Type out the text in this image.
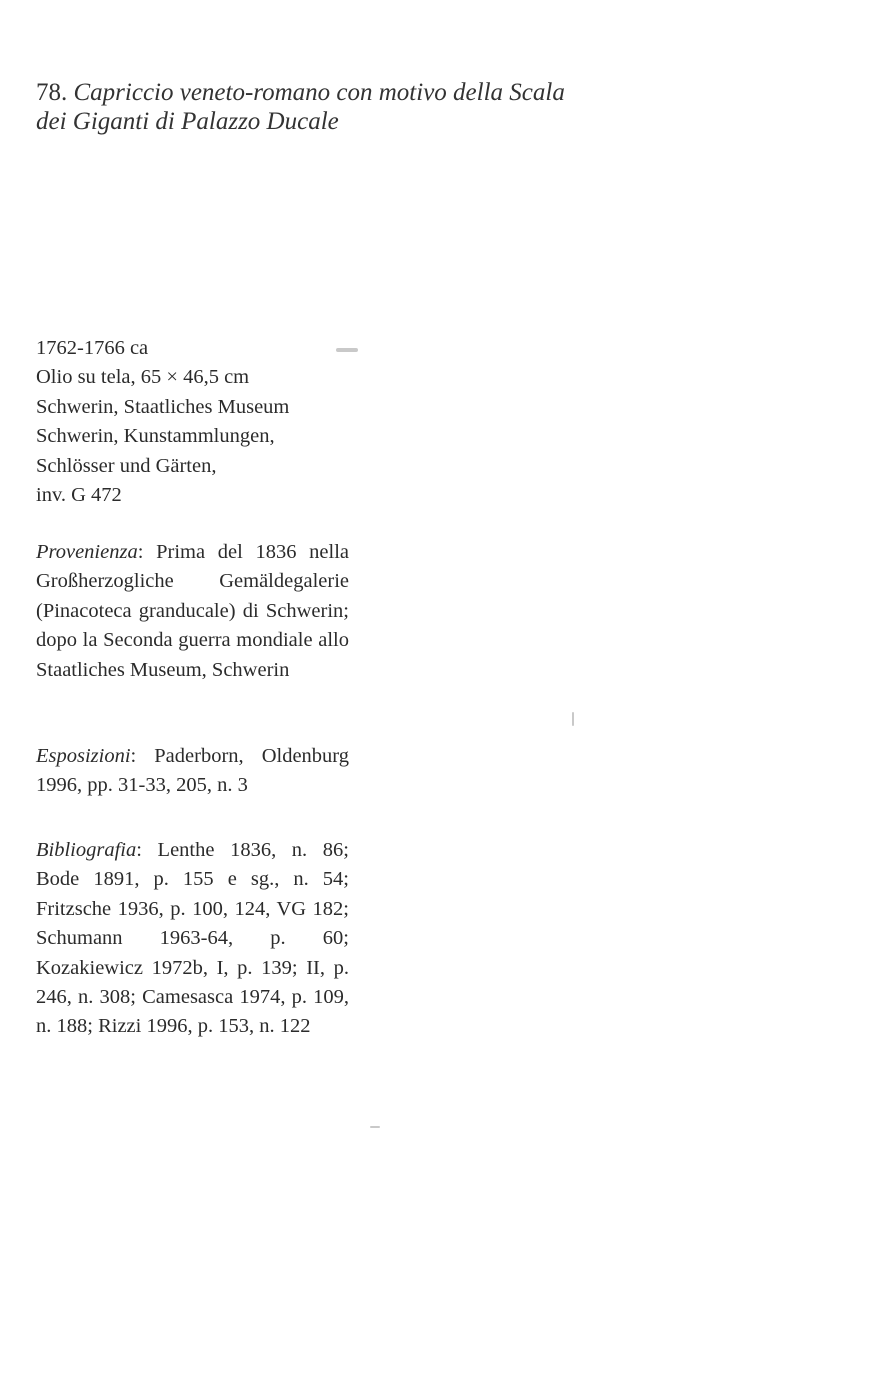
78. Capriccio veneto-romano con motivo della Scala
dei Giganti di Palazzo Ducale
1762-1766 ca
Olio su tela, 65 × 46,5 cm
Schwerin, Staatliches Museum
Schwerin, Kunstammlungen,
Schlösser und Gärten,
inv. G 472
Provenienza: Prima del 1836 nella Großherzogliche Gemäldegalerie (Pinacoteca granducale) di Schwerin; dopo la Seconda guerra mondiale allo Staatliches Museum, Schwerin
Esposizioni: Paderborn, Oldenburg 1996, pp. 31-33, 205, n. 3
Bibliografia: Lenthe 1836, n. 86; Bode 1891, p. 155 e sg., n. 54; Fritzsche 1936, p. 100, 124, VG 182; Schumann 1963-64, p. 60; Kozakiewicz 1972b, I, p. 139; II, p. 246, n. 308; Camesasca 1974, p. 109, n. 188; Rizzi 1996, p. 153, n. 122
